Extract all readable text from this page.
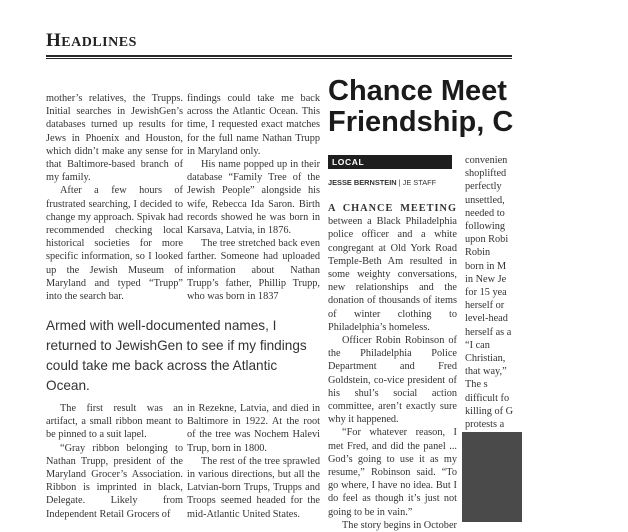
HEADLINES

mother’s relatives, the Trupps. Initial searches in JewishGen’s databases turned up results for Jews in Phoenix and Houston, which didn’t make any sense for that Baltimore-based branch of my family.

After a few hours of frustrated searching, I decided to change my approach. Spivak had recommended checking local historical societies for more specific information, so I looked up the Jewish Museum of Maryland and typed “Trupp” into the search bar.

findings could take me back across the Atlantic Ocean. This time, I requested exact matches for the full name Nathan Trupp in Maryland only.

His name popped up in their database “Family Tree of the Jewish People” alongside his wife, Rebecca Ida Saron. Birth records showed he was born in Karsava, Latvia, in 1876.

The tree stretched back even farther. Someone had uploaded information about Nathan Trupp’s father, Phillip Trupp, who was born in 1837

Armed with well-documented names, I returned to JewishGen to see if my findings could take me back across the Atlantic Ocean.

The first result was an artifact, a small ribbon meant to be pinned to a suit lapel.

“Gray ribbon belonging to Nathan Trupp, president of the Maryland Grocer’s Association. Ribbon is imprinted in black, Delegate. Likely from Independent Retail Grocers of

in Rezekne, Latvia, and died in Baltimore in 1922. At the root of the tree was Nochem Halevi Trup, born in 1800.

The rest of the tree sprawled in various directions, but all the Latvian-born Trups, Trupps and Troops seemed headed for the mid-Atlantic United States.

Chance Meet
Friendship, C
LOCAL
JESSE BERNSTEIN | JE STAFF

A CHANCE MEETING between a Black Philadelphia police officer and a white congregant at Old York Road Temple-Beth Am resulted in some weighty conversations, new relationships and the donation of thousands of items of winter clothing to Philadelphia’s homeless.

Officer Robin Robinson of the Philadelphia Police Department and Fred Goldstein, co-vice president of his shul’s social action committee, aren’t exactly sure why it happened.

“For whatever reason, I met Fred, and did the panel ... God’s going to use it as my resume,” Robinson said. “To go where, I have no idea. But I do feel as though it’s just not going to be in vain.”

The story begins in October

convenien
shoplifted
perfectly
unsettled,
needed to
following
upon Robi
Robin
born in M
in New Je
for 15 yea
herself or
level-head
herself as a
“I can
Christian,
that way,”
The s
difficult fo
killing of G
protests a
